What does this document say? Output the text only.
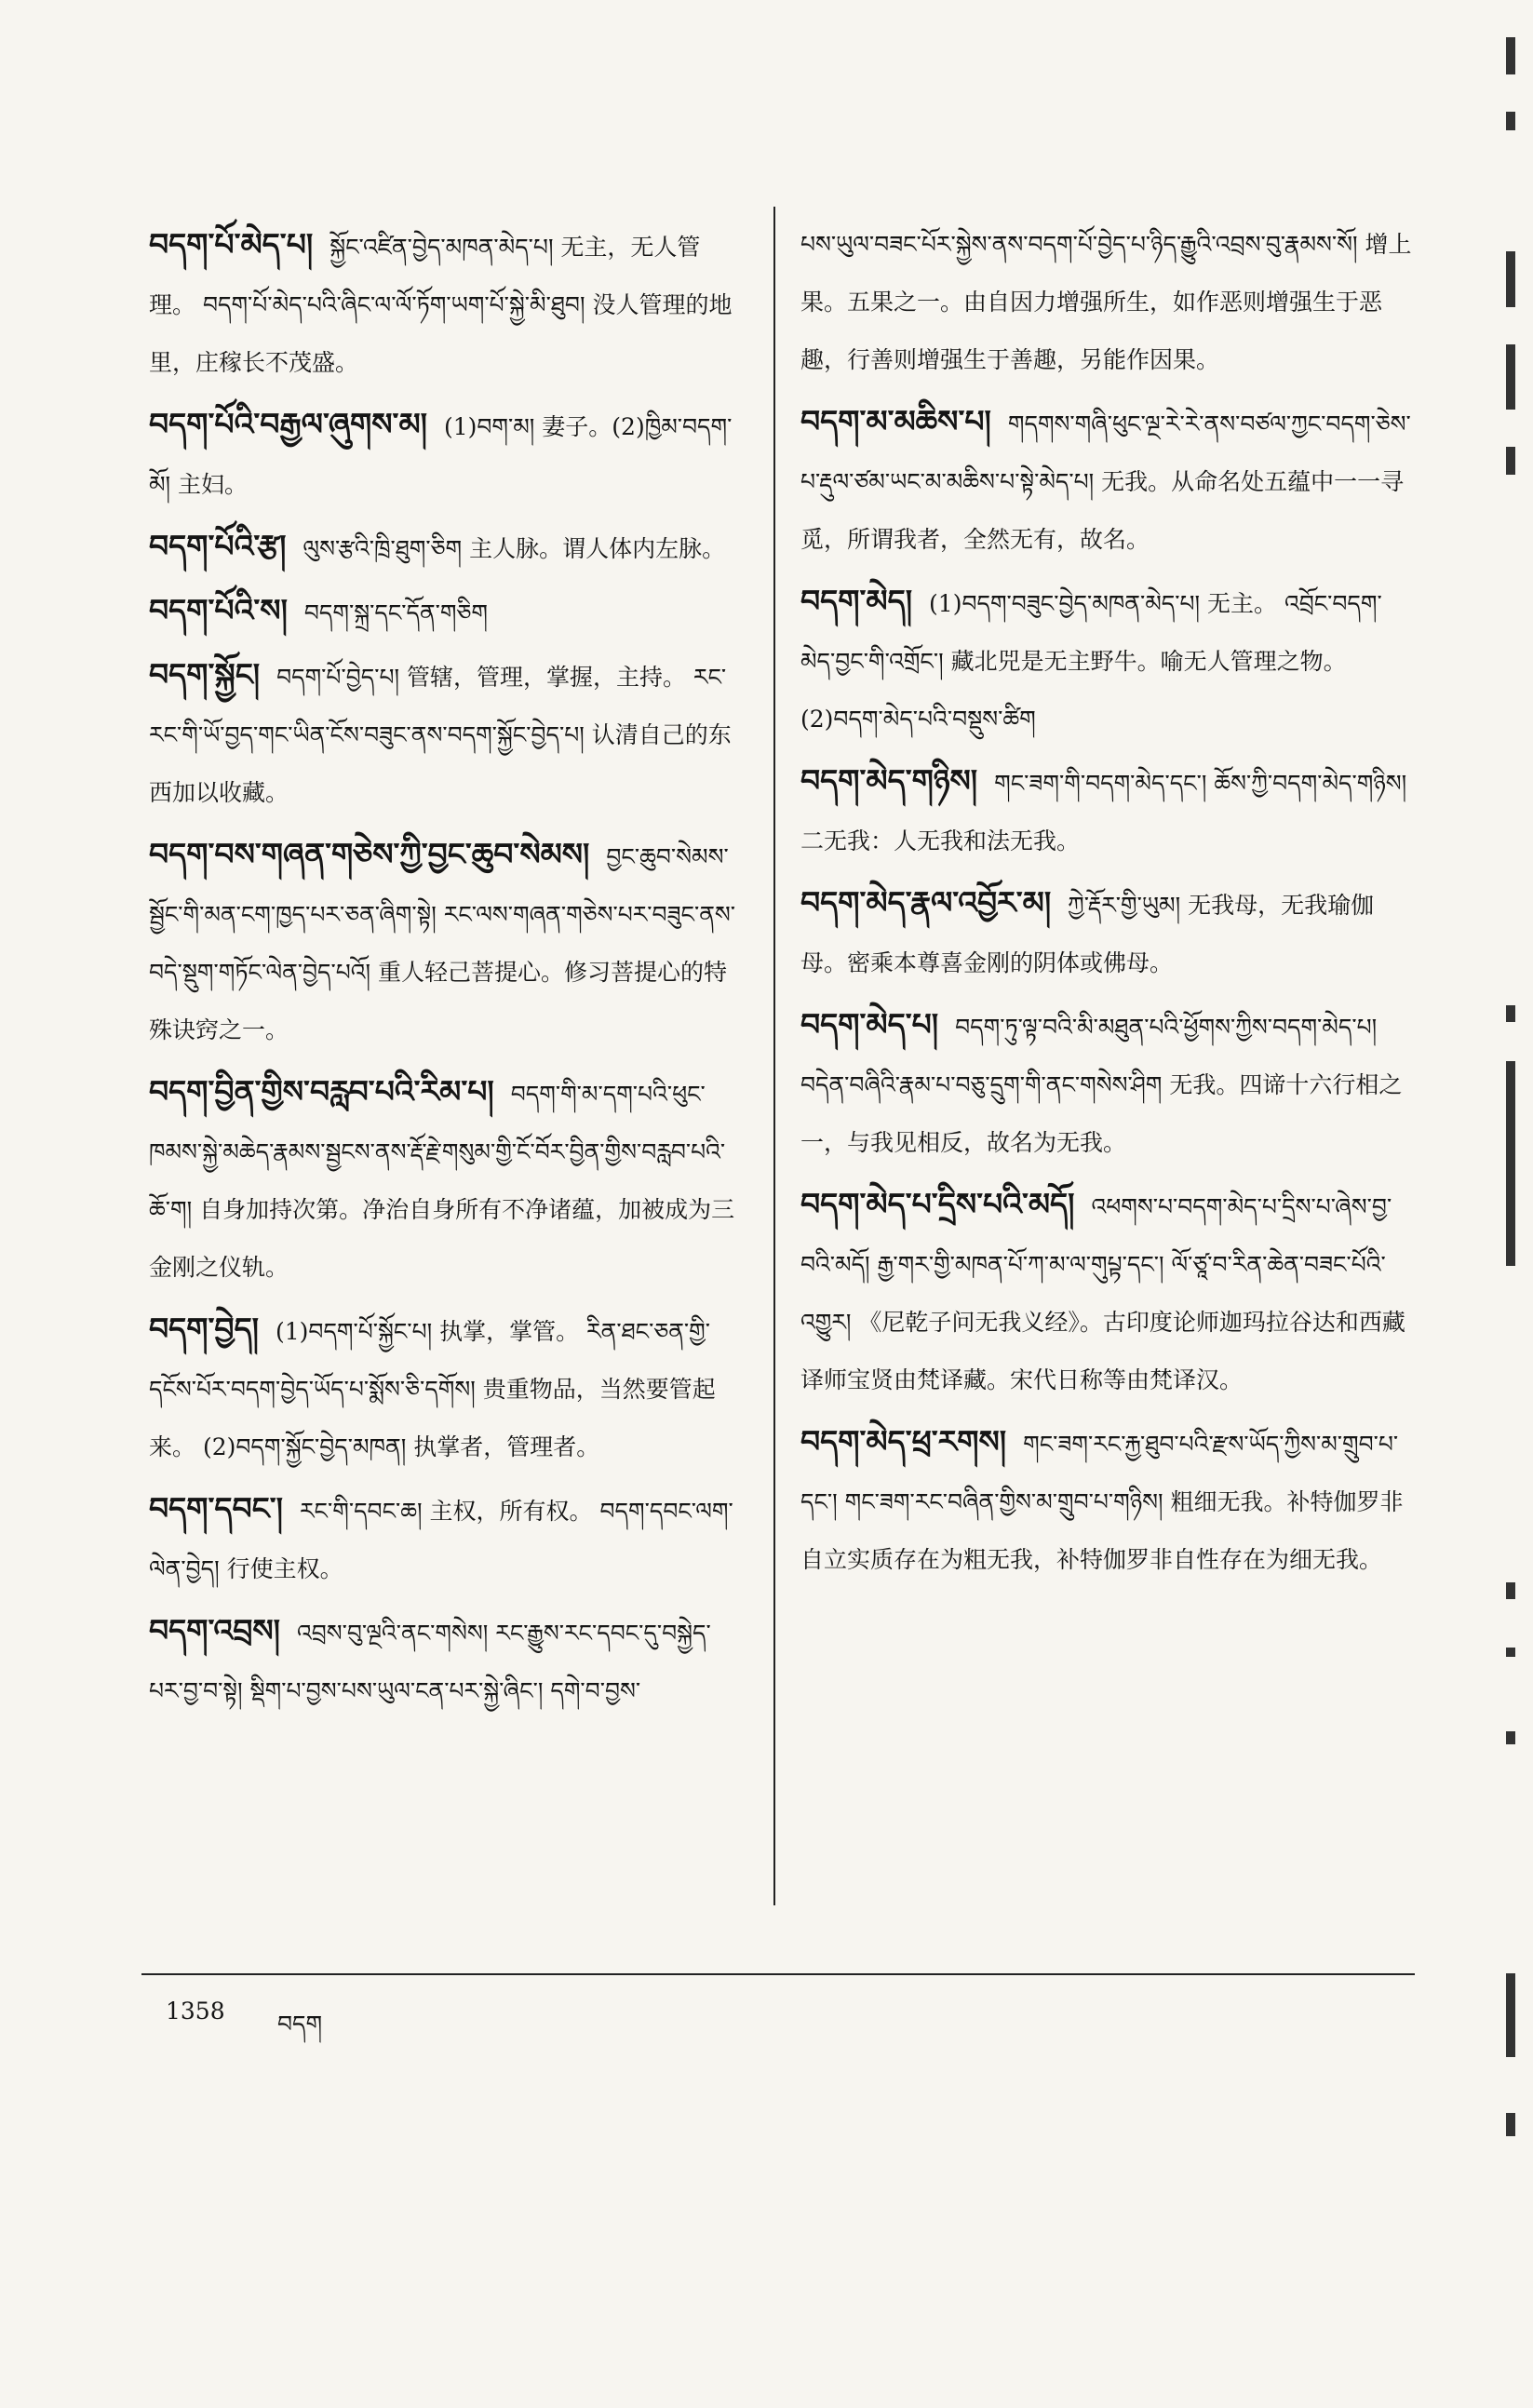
བདག་པོ་མེད་པ། སྐྱོང་འཛིན་བྱེད་མཁན་མེད་པ། 无主，无人管理。 བདག་པོ་མེད་པའི་ཞིང་ལ་ལོ་ཏོག་ཡག་པོ་སྐྱེ་མི་ཐུབ། 没人管理的地里，庄稼长不茂盛。
བདག་པོའི་བརྒྱལ་ཞུགས་མ། (1)བག་མ། 妻子。(2)ཁྱིམ་བདག་མོ། 主妇。
བདག་པོའི་རྩ། ལུས་རྩའི་ཁྲི་ཐུག་ཅིག 主人脉。谓人体内左脉。
བདག་པོའི་ས། བདག་སྐྲ་དང་དོན་གཅིག
བདག་སྐྱོང། བདག་པོ་བྱེད་པ། 管辖，管理，掌握，主持。 རང་རང་གི་ཡོ་བྱད་གང་ཡིན་ངོས་བཟུང་ནས་བདག་སྐྱོང་བྱེད་པ། 认清自己的东西加以收藏。
བདག་བས་གཞན་གཅེས་ཀྱི་བྱང་ཆུབ་སེམས། བྱང་ཆུབ་སེམས་སྦྱོང་གི་མན་ངག་ཁྱད་པར་ཅན་ཞིག་སྟེ། རང་ལས་གཞན་གཅེས་པར་བཟུང་ནས་བདེ་སྡུག་གཏོང་ལེན་བྱེད་པའོ། 重人轻己菩提心。修习菩提心的特殊诀窍之一。
བདག་བྱིན་གྱིས་བརླབ་པའི་རིམ་པ། བདག་གི་མ་དག་པའི་ཕུང་ཁམས་སྐྱེ་མཆེད་རྣམས་སྦྱངས་ནས་རྡོ་རྗེ་གསུམ་གྱི་ངོ་བོར་བྱིན་གྱིས་བརླབ་པའི་ཆོ་ག། 自身加持次第。净治自身所有不净诸蕴，加被成为三金刚之仪轨。
བདག་བྱེད། (1)བདག་པོ་སྐྱོང་པ། 执掌，掌管。 རིན་ཐང་ཅན་གྱི་དངོས་པོར་བདག་བྱེད་ཡོད་པ་སྨོས་ཅི་དགོས། 贵重物品，当然要管起来。 (2)བདག་སྐྱོང་བྱེད་མཁན། 执掌者，管理者。
བདག་དབང་། རང་གི་དབང་ཆ། 主权，所有权。 བདག་དབང་ལག་ལེན་བྱེད། 行使主权。
བདག་འབྲས། འབྲས་བུ་ལྔའི་ནང་གསེས། རང་རྒྱུས་རང་དབང་དུ་བསྐྱེད་པར་བྱ་བ་སྟེ། སྡིག་པ་བྱས་པས་ཡུལ་ངན་པར་སྐྱེ་ཞིང་། དགེ་བ་བྱས་
པས་ཡུལ་བཟང་པོར་སྐྱེས་ནས་བདག་པོ་བྱེད་པ་ཉིད་རྒྱུའི་འབྲས་བུ་རྣམས་སོ། 增上果。五果之一。由自因力增强所生，如作恶则增强生于恶趣，行善则增强生于善趣，另能作因果。
བདག་མ་མཆིས་པ། གདགས་གཞི་ཕུང་ལྔ་རེ་རེ་ནས་བཙལ་ཀྱང་བདག་ཅེས་པ་རྡུལ་ཙམ་ཡང་མ་མཆིས་པ་སྟེ་མེད་པ། 无我。从命名处五蕴中一一寻觅，所谓我者，全然无有，故名。
བདག་མེད། (1)བདག་བཟུང་བྱེད་མཁན་མེད་པ། 无主。 འབྲོང་བདག་མེད་བྱང་གི་འགྲོང་། 藏北兕是无主野牛。喻无人管理之物。(2)བདག་མེད་པའི་བསྡུས་ཚིག
བདག་མེད་གཉིས། གང་ཟག་གི་བདག་མེད་དང་། ཆོས་ཀྱི་བདག་མེད་གཉིས། 二无我：人无我和法无我。
བདག་མེད་རྣལ་འབྱོར་མ། ཀྱེ་རྡོར་གྱི་ཡུམ། 无我母，无我瑜伽母。密乘本尊喜金刚的阴体或佛母。
བདག་མེད་པ། བདག་ཏུ་ལྟ་བའི་མི་མཐུན་པའི་ཕྱོགས་ཀྱིས་བདག་མེད་པ། བདེན་བཞིའི་རྣམ་པ་བཅུ་དྲུག་གི་ནང་གསེས་ཤིག 无我。四谛十六行相之一，与我见相反，故名为无我。
བདག་མེད་པ་དྲིས་པའི་མདོ། འཕགས་པ་བདག་མེད་པ་དྲིས་པ་ཞེས་བྱ་བའི་མདོ། རྒྱ་གར་གྱི་མཁན་པོ་ཀ་མ་ལ་གུཔྟ་དང་། ལོ་ཙཱ་བ་རིན་ཆེན་བཟང་པོའི་འགྱུར། 《尼乾子问无我义经》。古印度论师迦玛拉谷达和西藏译师宝贤由梵译藏。宋代日称等由梵译汉。
བདག་མེད་ཕྲ་རགས། གང་ཟག་རང་རྐྱ་ཐུབ་པའི་རྫས་ཡོད་ཀྱིས་མ་གྲུབ་པ་དང་། གང་ཟག་རང་བཞིན་གྱིས་མ་གྲུབ་པ་གཉིས། 粗细无我。补特伽罗非自立实质存在为粗无我，补特伽罗非自性存在为细无我。
1358 བདག
